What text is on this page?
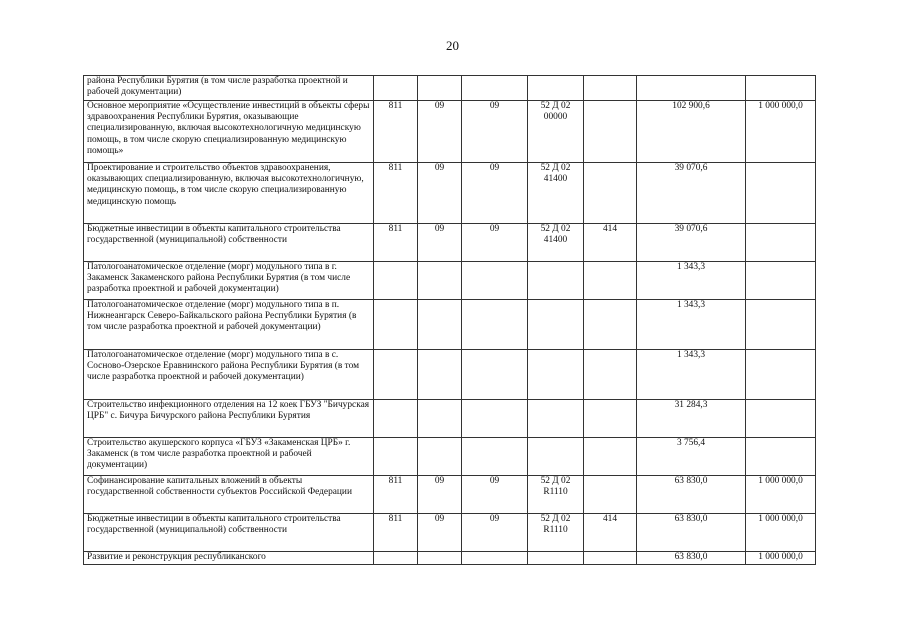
20
района Республики Бурятия (в том числе разработка проектной и рабочей документации)							
Основное мероприятие «Осуществление инвестиций в объекты сферы здравоохранения Республики Бурятия, оказывающие специализированную, включая высокотехнологичную медицинскую помощь, в том числе скорую специализированную медицинскую помощь»	811	09	09	52 Д 02 00000		102 900,6	1 000 000,0
Проектирование и строительство объектов здравоохранения, оказывающих специализированную, включая высокотехнологичную, медицинскую помощь, в том числе скорую специализированную медицинскую помощь	811	09	09	52 Д 02 41400		39 070,6	
Бюджетные инвестиции в объекты капитального строительства государственной (муниципальной) собственности	811	09	09	52 Д 02 41400	414	39 070,6	
Патологоанатомическое отделение (морг) модульного типа в г. Закаменск Закаменского района Республики Бурятия (в том числе разработка проектной и рабочей документации)						1 343,3	
Патологоанатомическое отделение (морг) модульного типа в п. Нижнеангарск Северо-Байкальского района Республики Бурятия (в том числе разработка проектной и рабочей документации)						1 343,3	
Патологоанатомическое отделение (морг) модульного типа в с. Сосново-Озерское Еравнинского района Республики Бурятия (в том числе разработка проектной и рабочей документации)						1 343,3	
Строительство инфекционного отделения на 12 коек ГБУЗ "Бичурская ЦРБ" с. Бичура Бичурского района Республики Бурятия						31 284,3	
Строительство акушерского корпуса «ГБУЗ «Закаменская ЦРБ» г. Закаменск (в том числе разработка проектной и рабочей документации)						3 756,4	
Софинансирование капитальных вложений в объекты государственной собственности субъектов Российской Федерации	811	09	09	52 Д 02 R1110		63 830,0	1 000 000,0
Бюджетные инвестиции в объекты капитального строительства государственной (муниципальной) собственности	811	09	09	52 Д 02 R1110	414	63 830,0	1 000 000,0
Развитие и реконструкция республиканского						63 830,0	1 000 000,0
